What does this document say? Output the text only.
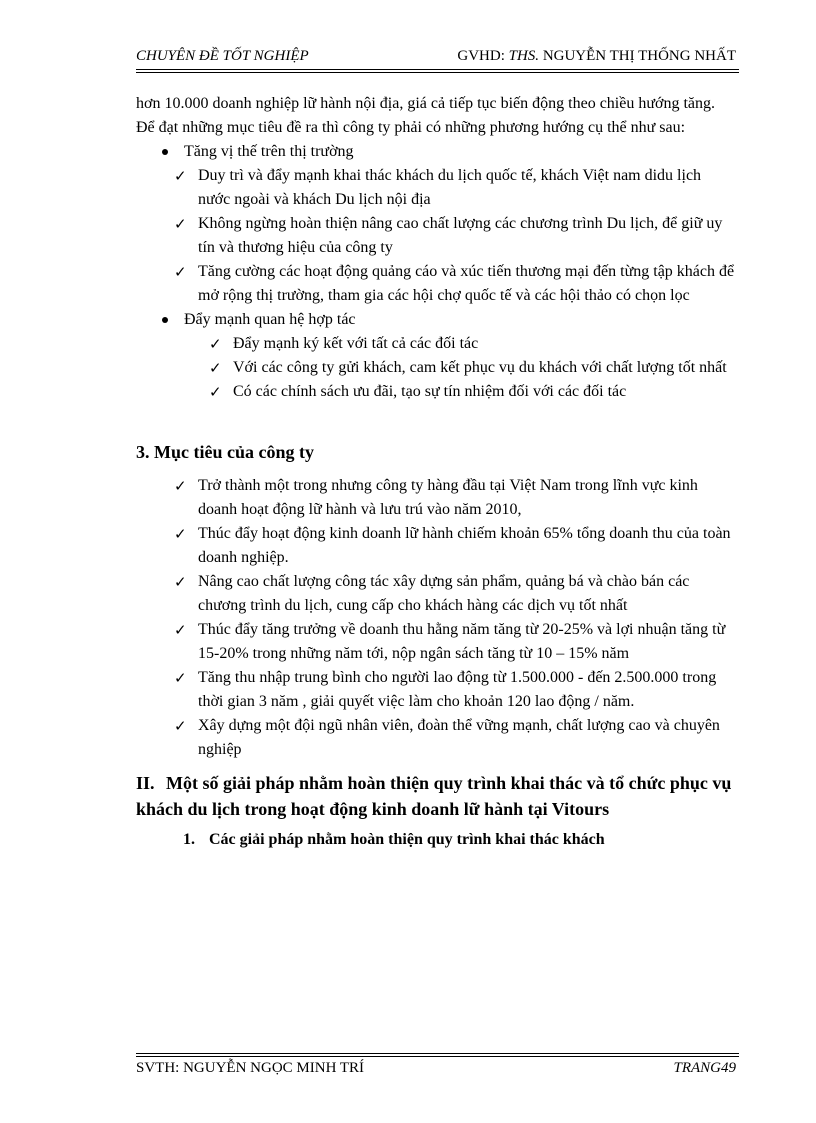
CHUYÊN ĐỀ TỐT NGHIỆP	GVHD: THS. NGUYỄN THỊ THỐNG NHẤT

hơn 10.000 doanh nghiệp lữ hành nội địa, giá cả tiếp tục biến động theo chiều hướng tăng. Để đạt những mục tiêu đề ra thì công ty phải có những phương hướng cụ thể như sau:

Tăng vị thế trên thị trường
✓ Duy trì và đẩy mạnh khai thác khách du lịch quốc tế, khách Việt nam didu lịch nước ngoài và khách Du lịch nội địa
✓ Không ngừng hoàn thiện nâng cao chất lượng các chương trình Du lịch, để giữ uy tín và thương hiệu của công ty
✓ Tăng cường các hoạt động quảng cáo và xúc tiến thương mại đến từng tập khách để mở rộng thị trường, tham gia các hội chợ quốc tế và các hội thảo có chọn lọc
Đẩy mạnh quan hệ hợp tác
✓ Đẩy mạnh ký kết với tất cả các đối tác
✓ Với các công ty gửi khách, cam kết phục vụ du khách với chất lượng tốt nhất
✓ Có các chính sách ưu đãi, tạo sự tín nhiệm đối với các đối tác
3. Mục tiêu của công ty
✓ Trở thành một trong nhưng công ty hàng đầu tại Việt Nam trong lĩnh vực kinh doanh hoạt động lữ hành và lưu trú vào năm 2010,
✓ Thúc đẩy hoạt động kinh doanh lữ hành chiếm khoản 65% tổng doanh thu của toàn doanh nghiệp.
✓ Nâng cao chất lượng công tác xây dựng sản phẩm, quảng bá và chào bán các chương trình du lịch, cung cấp cho khách hàng các dịch vụ tốt nhất
✓ Thúc đẩy tăng trưởng về doanh thu hằng năm tăng từ 20-25% và lợi nhuận tăng từ 15-20% trong những năm tới, nộp ngân sách tăng từ 10 – 15% năm
✓ Tăng thu nhập trung bình cho người lao động từ 1.500.000 - đến 2.500.000 trong thời gian 3 năm , giải quyết việc làm cho khoản 120 lao động / năm.
✓ Xây dựng một đội ngũ nhân viên, đoàn thể vững mạnh, chất lượng cao và chuyên nghiệp
II. Một số giải pháp nhằm hoàn thiện quy trình khai thác và tổ chức phục vụ khách du lịch trong hoạt động kinh doanh lữ hành tại Vitours
1. Các giải pháp nhằm hoàn thiện quy trình khai thác khách
SVTH: NGUYỄN NGỌC MINH TRÍ	TRANG49
